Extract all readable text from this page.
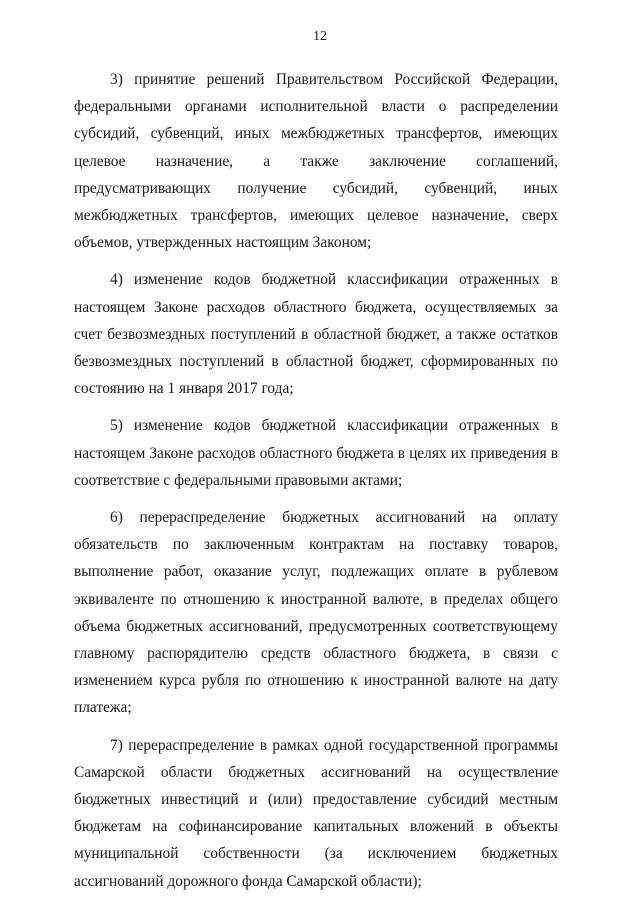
12

3) принятие решений Правительством Российской Федерации, федеральными органами исполнительной власти о распределении субсидий, субвенций, иных межбюджетных трансфертов, имеющих целевое назначение, а также заключение соглашений, предусматривающих получение субсидий, субвенций, иных межбюджетных трансфертов, имеющих целевое назначение, сверх объемов, утвержденных настоящим Законом;

4) изменение кодов бюджетной классификации отраженных в настоящем Законе расходов областного бюджета, осуществляемых за счет безвозмездных поступлений в областной бюджет, а также остатков безвозмездных поступлений в областной бюджет, сформированных по состоянию на 1 января 2017 года;

5) изменение кодов бюджетной классификации отраженных в настоящем Законе расходов областного бюджета в целях их приведения в соответствие с федеральными правовыми актами;

6) перераспределение бюджетных ассигнований на оплату обязательств по заключенным контрактам на поставку товаров, выполнение работ, оказание услуг, подлежащих оплате в рублевом эквиваленте по отношению к иностранной валюте, в пределах общего объема бюджетных ассигнований, предусмотренных соответствующему главному распорядителю средств областного бюджета, в связи с изменением курса рубля по отношению к иностранной валюте на дату платежа;

7) перераспределение в рамках одной государственной программы Самарской области бюджетных ассигнований на осуществление бюджетных инвестиций и (или) предоставление субсидий местным бюджетам на софинансирование капитальных вложений в объекты муниципальной собственности (за исключением бюджетных ассигнований дорожного фонда Самарской области);
